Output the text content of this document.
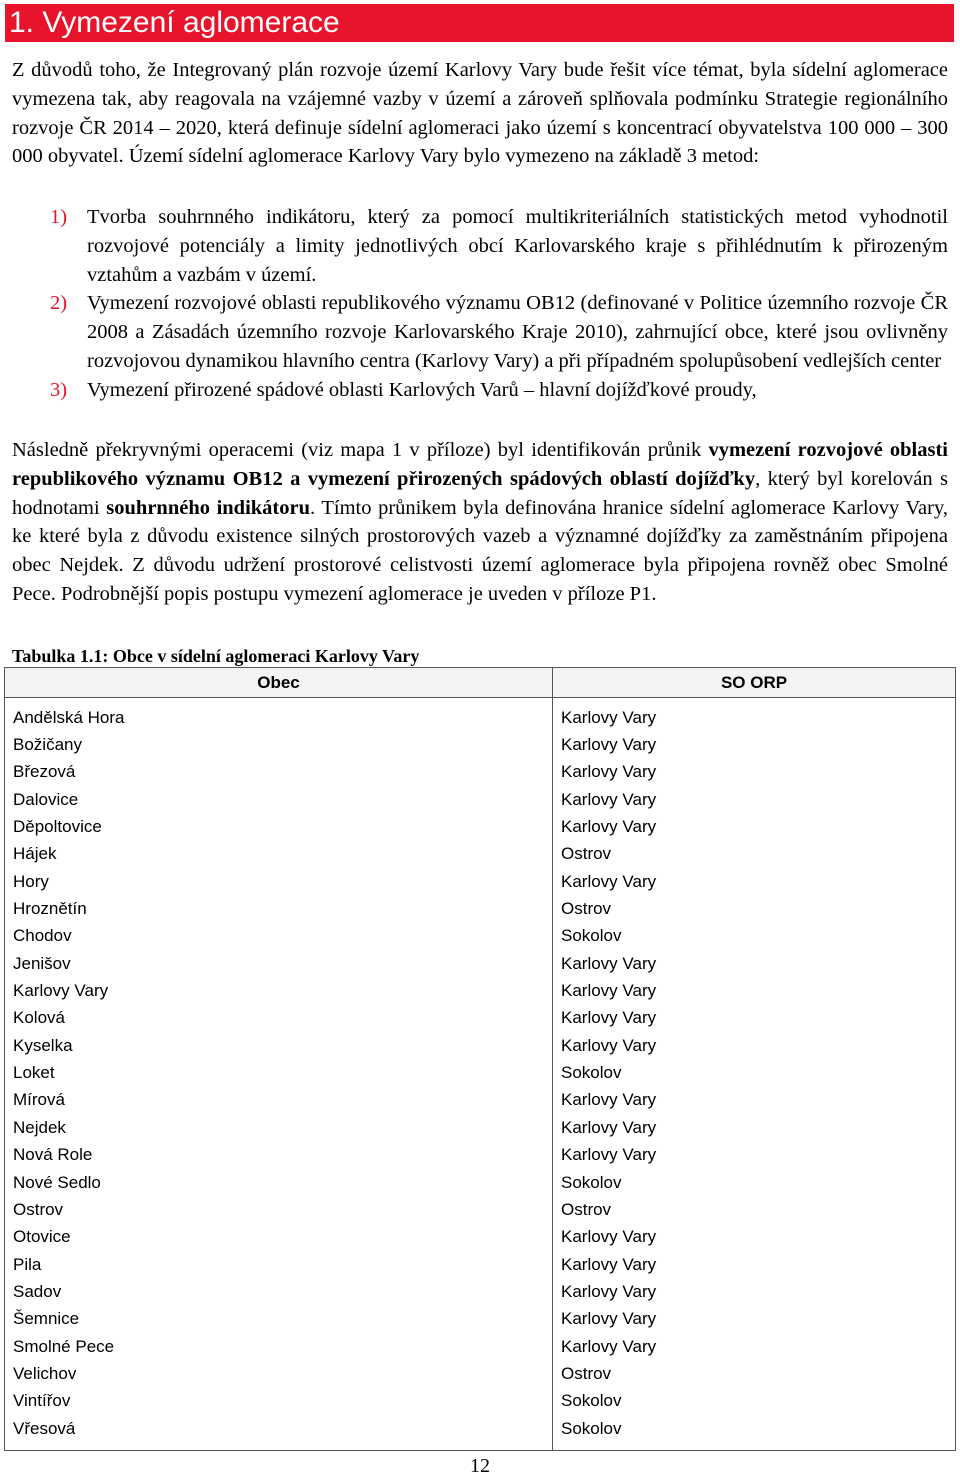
1. Vymezení aglomerace

Z důvodů toho, že Integrovaný plán rozvoje území Karlovy Vary bude řešit více témat, byla sídelní aglomerace vymezena tak, aby reagovala na vzájemné vazby v území a zároveň splňovala podmínku Strategie regionálního rozvoje ČR 2014 – 2020, která definuje sídelní aglomeraci jako území s koncentrací obyvatelstva 100 000 – 300 000 obyvatel. Území sídelní aglomerace Karlovy Vary bylo vymezeno na základě 3 metod:

1) Tvorba souhrnného indikátoru, který za pomocí multikriteriálních statistických metod vyhodnotil rozvojové potenciály a limity jednotlivých obcí Karlovarského kraje s přihlédnutím k přirozeným vztahům a vazbám v území.
2) Vymezení rozvojové oblasti republikového významu OB12 (definované v Politice územního rozvoje ČR 2008 a Zásadách územního rozvoje Karlovarského Kraje 2010), zahrnující obce, které jsou ovlivněny rozvojovou dynamikou hlavního centra (Karlovy Vary) a při případném spolupůsobení vedlejších center
3) Vymezení přirozené spádové oblasti Karlových Varů – hlavní dojížďkové proudy,

Následně překryvnými operacemi (viz mapa 1 v příloze) byl identifikován průnik vymezení rozvojové oblasti republikového významu OB12 a vymezení přirozených spádových oblastí dojížďky, který byl korelován s hodnotami souhrnného indikátoru. Tímto průnikem byla definována hranice sídelní aglomerace Karlovy Vary, ke které byla z důvodu existence silných prostorových vazeb a významné dojížďky za zaměstnáním připojena obec Nejdek. Z důvodu udržení prostorové celistvosti území aglomerace byla připojena rovněž obec Smolné Pece. Podrobnější popis postupu vymezení aglomerace je uveden v příloze P1.

Tabulka 1.1: Obce v sídelní aglomeraci Karlovy Vary
Obec	SO ORP
Andělská Hora	Karlovy Vary
Božičany	Karlovy Vary
Březová	Karlovy Vary
Dalovice	Karlovy Vary
Děpoltovice	Karlovy Vary
Hájek	Ostrov
Hory	Karlovy Vary
Hroznětín	Ostrov
Chodov	Sokolov
Jenišov	Karlovy Vary
Karlovy Vary	Karlovy Vary
Kolová	Karlovy Vary
Kyselka	Karlovy Vary
Loket	Sokolov
Mírová	Karlovy Vary
Nejdek	Karlovy Vary
Nová Role	Karlovy Vary
Nové Sedlo	Sokolov
Ostrov	Ostrov
Otovice	Karlovy Vary
Pila	Karlovy Vary
Sadov	Karlovy Vary
Šemnice	Karlovy Vary
Smolné Pece	Karlovy Vary
Velichov	Ostrov
Vintířov	Sokolov
Vřesová	Sokolov
12
